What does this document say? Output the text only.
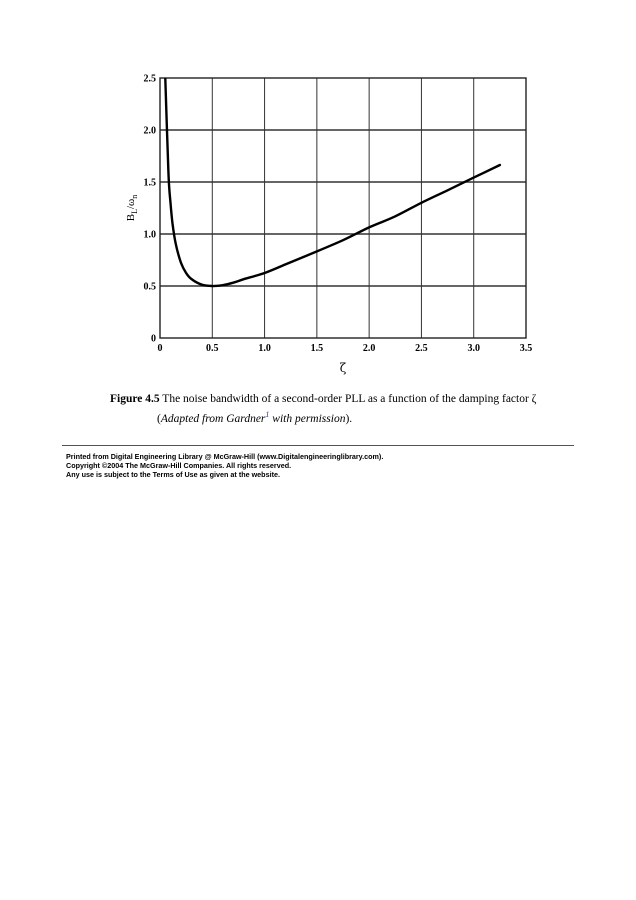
0	0.5	1.0	1.5	2.0	2.5	3.0	3.5
0
0.5
1.0
1.5
2.0
2.5
ζ
$B_L/\omega_n$
Figure 4.5 The noise bandwidth of a second-order PLL as a function of the damping factor ζ
(Adapted from Gardner$^1$ with permission).
Printed from Digital Engineering Library @ McGraw-Hill (www.Digitalengineeringlibrary.com).
Copyright ©2004 The McGraw-Hill Companies. All rights reserved.
Any use is subject to the Terms of Use as given at the website.
